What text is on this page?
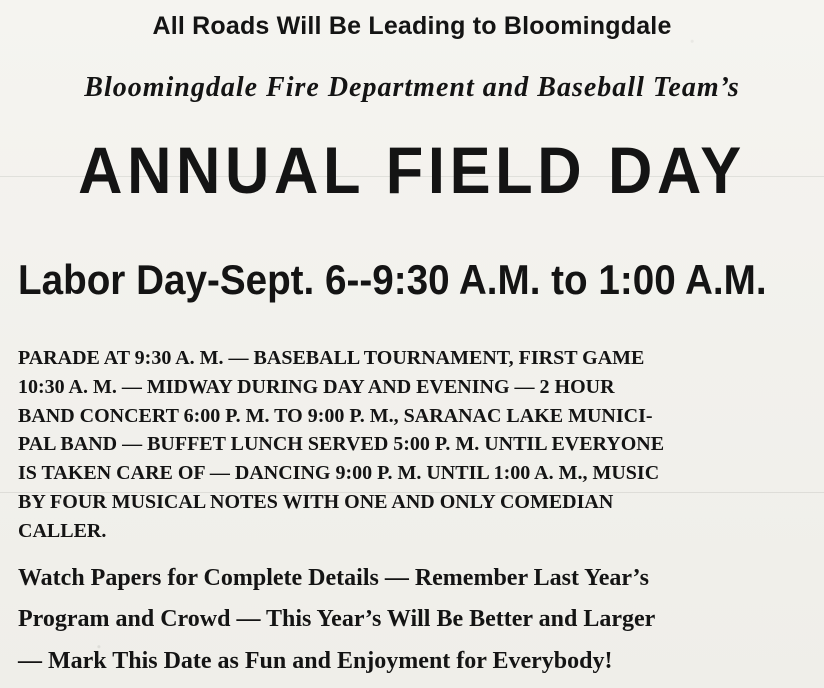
All Roads Will Be Leading to Bloomingdale
Bloomingdale Fire Department and Baseball Team’s
ANNUAL FIELD DAY
Labor Day-Sept. 6--9:30 A.M. to 1:00 A.M.
PARADE AT 9:30 A. M. — BASEBALL TOURNAMENT, FIRST GAME
10:30 A. M. — MIDWAY DURING DAY AND EVENING — 2 HOUR
BAND CONCERT 6:00 P. M. TO 9:00 P. M., SARANAC LAKE MUNICI-
PAL BAND — BUFFET LUNCH SERVED 5:00 P. M. UNTIL EVERYONE
IS TAKEN CARE OF — DANCING 9:00 P. M. UNTIL 1:00 A. M., MUSIC
BY FOUR MUSICAL NOTES WITH ONE AND ONLY COMEDIAN
CALLER.
Watch Papers for Complete Details — Remember Last Year’s
Program and Crowd — This Year’s Will Be Better and Larger
— Mark This Date as Fun and Enjoyment for Everybody!
